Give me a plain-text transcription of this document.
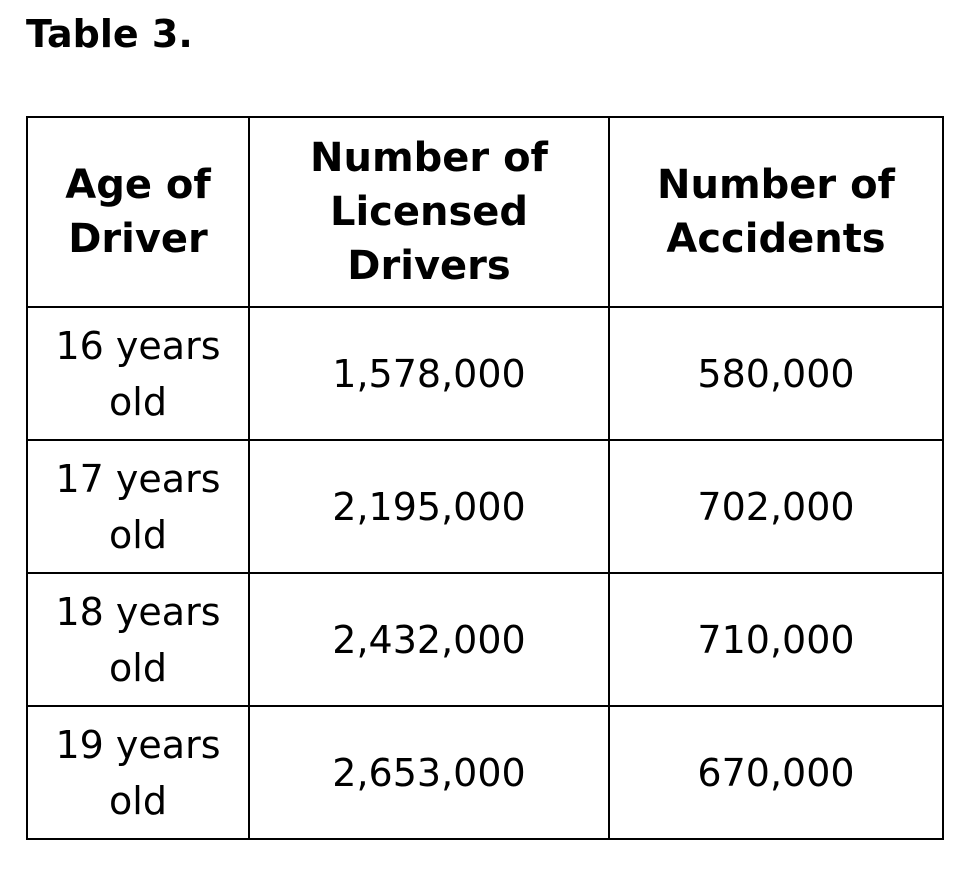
Table 3.
Age of Driver	Number of Licensed Drivers	Number of Accidents
16 years old	1,578,000	580,000
17 years old	2,195,000	702,000
18 years old	2,432,000	710,000
19 years old	2,653,000	670,000
